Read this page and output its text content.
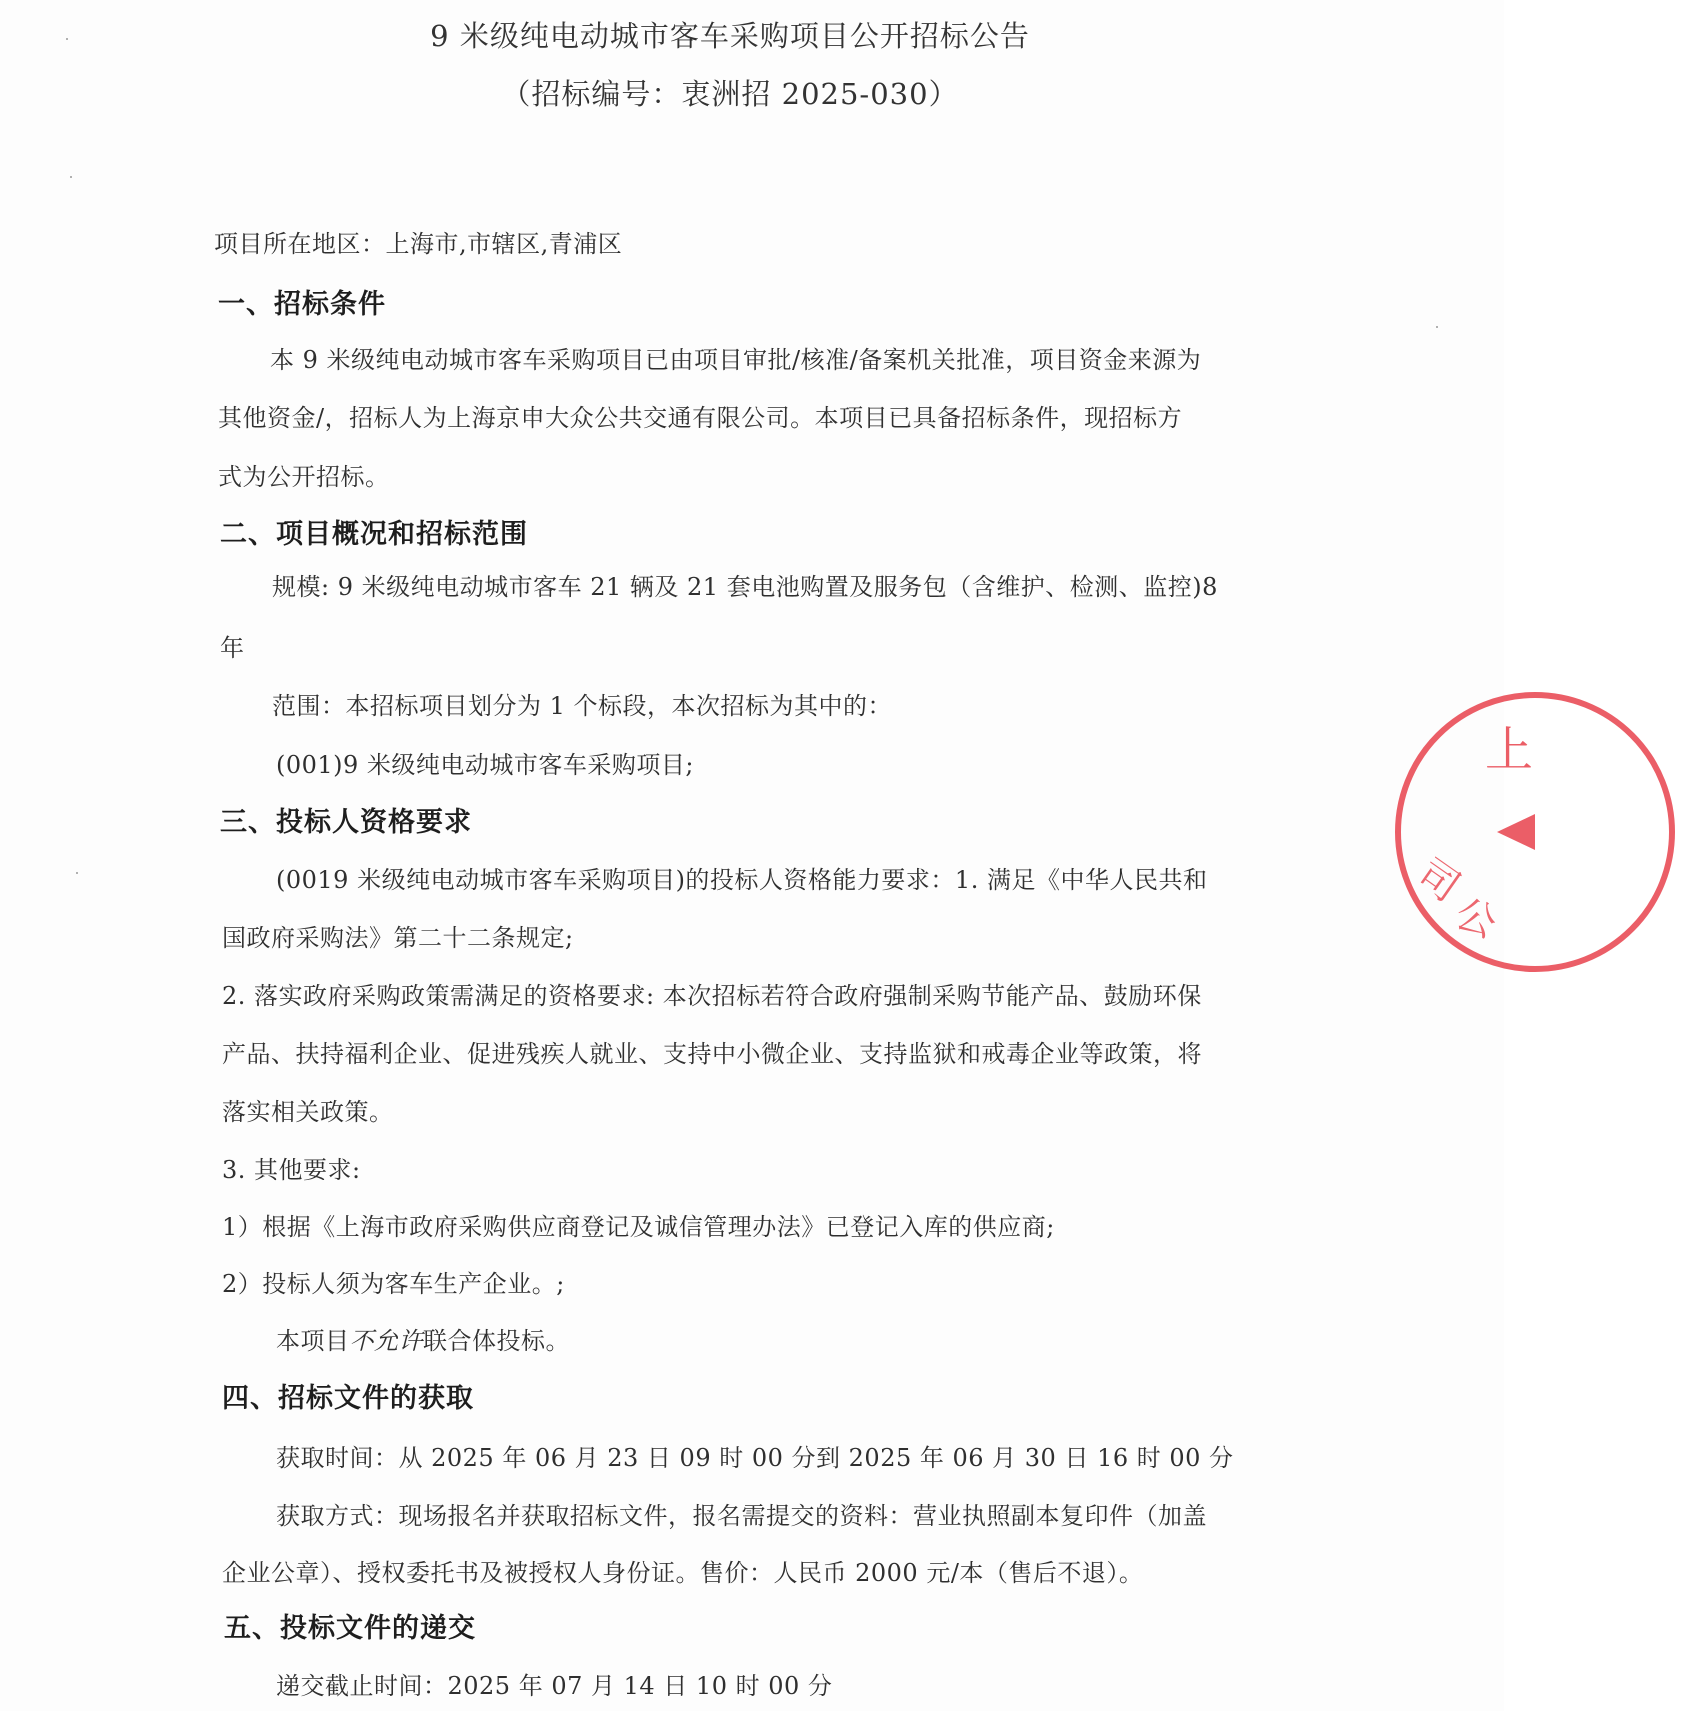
9 米级纯电动城市客车采购项目公开招标公告
（招标编号：衷洲招 2025-030）
项目所在地区：上海市,市辖区,青浦区
一、招标条件
本 9 米级纯电动城市客车采购项目已由项目审批/核准/备案机关批准，项目资金来源为
其他资金/，招标人为上海京申大众公共交通有限公司。本项目已具备招标条件，现招标方
式为公开招标。
二、项目概况和招标范围
规模: 9 米级纯电动城市客车 21 辆及 21 套电池购置及服务包（含维护、检测、监控)8
年
范围：本招标项目划分为 1 个标段，本次招标为其中的：
(001)9 米级纯电动城市客车采购项目;
三、投标人资格要求
(0019 米级纯电动城市客车采购项目)的投标人资格能力要求：1. 满足《中华人民共和
国政府采购法》第二十二条规定;
2. 落实政府采购政策需满足的资格要求: 本次招标若符合政府强制采购节能产品、鼓励环保
产品、扶持福利企业、促进残疾人就业、支持中小微企业、支持监狱和戒毒企业等政策，将
落实相关政策。
3. 其他要求:
1）根据《上海市政府采购供应商登记及诚信管理办法》已登记入库的供应商;
2）投标人须为客车生产企业。;
本项目不允许联合体投标。
四、招标文件的获取
获取时间：从 2025 年 06 月 23 日 09 时 00 分到 2025 年 06 月 30 日 16 时 00 分
获取方式：现场报名并获取招标文件，报名需提交的资料：营业执照副本复印件（加盖
企业公章）、授权委托书及被授权人身份证。售价：人民币 2000 元/本（售后不退）。
五、投标文件的递交
递交截止时间：2025 年 07 月 14 日 10 时 00 分
上
司
公
